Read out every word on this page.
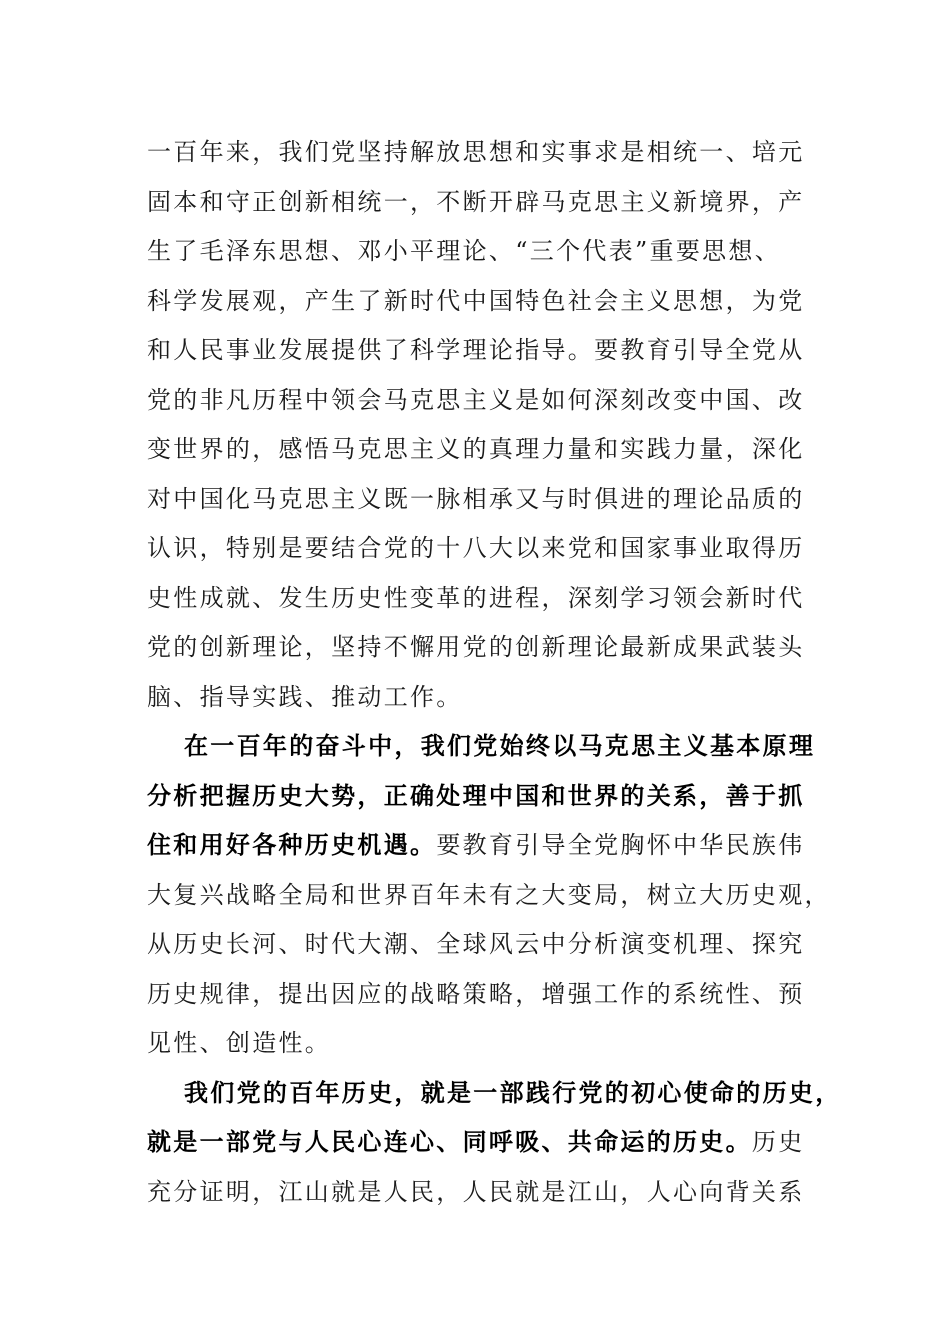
一百年来，我们党坚持解放思想和实事求是相统一、培元
固本和守正创新相统一，不断开辟马克思主义新境界，产
生了毛泽东思想、邓小平理论、“三个代表”重要思想、
科学发展观，产生了新时代中国特色社会主义思想，为党
和人民事业发展提供了科学理论指导。要教育引导全党从
党的非凡历程中领会马克思主义是如何深刻改变中国、改
变世界的，感悟马克思主义的真理力量和实践力量，深化
对中国化马克思主义既一脉相承又与时俱进的理论品质的
认识，特别是要结合党的十八大以来党和国家事业取得历
史性成就、发生历史性变革的进程，深刻学习领会新时代
党的创新理论，坚持不懈用党的创新理论最新成果武装头
脑、指导实践、推动工作。
在一百年的奋斗中，我们党始终以马克思主义基本原理
分析把握历史大势，正确处理中国和世界的关系，善于抓
住和用好各种历史机遇。要教育引导全党胸怀中华民族伟
大复兴战略全局和世界百年未有之大变局，树立大历史观，
从历史长河、时代大潮、全球风云中分析演变机理、探究
历史规律，提出因应的战略策略，增强工作的系统性、预
见性、创造性。
我们党的百年历史，就是一部践行党的初心使命的历史，
就是一部党与人民心连心、同呼吸、共命运的历史。历史
充分证明，江山就是人民，人民就是江山，人心向背关系
